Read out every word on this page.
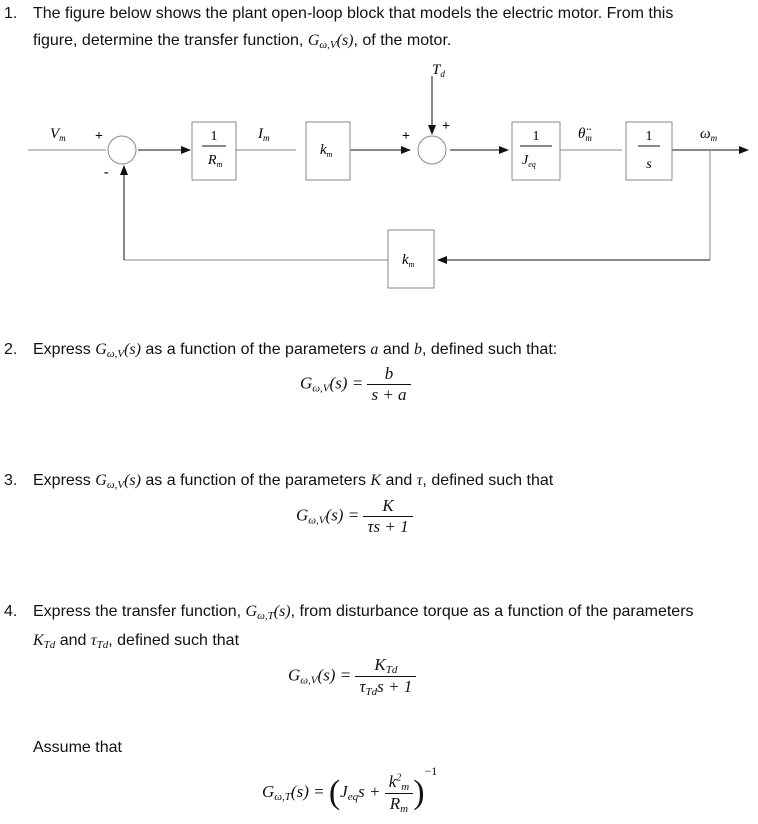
1. The figure below shows the plant open-loop block that models the electric motor. From this
figure, determine the transfer function, $G_{\omega,V}(s)$, of the motor.
$V_m$ +
-
+
+
$T_d$
1
$R_m$
$I_m$
$k_m$
1
$J_{eq}$
$\thetä_m$	1
s
$\omega_m$
$k_m$
2. Express $G_{\omega,V}(s)$ as a function of the parameters a and b, defined such that:
$G_{\omega,V}(s) = \frac{b}{s + a}$
3. Express $G_{\omega,V}(s)$ as a function of the parameters K and τ, defined such that
$G_{\omega,V}(s) = \frac{K}{\tau s + 1}$
4. Express the transfer function, $G_{\omega,T}(s)$, from disturbance torque as a function of the parameters
$K_{Td}$ and $\tau_{Td}$, defined such that
$G_{\omega,V}(s) = \frac{K_{Td}}{\tau_{Td}s + 1}$
Assume that
$G_{\omega,T}(s) = (J_{eq}s + \frac{k^2_m}{R_m} )^{-1}$
